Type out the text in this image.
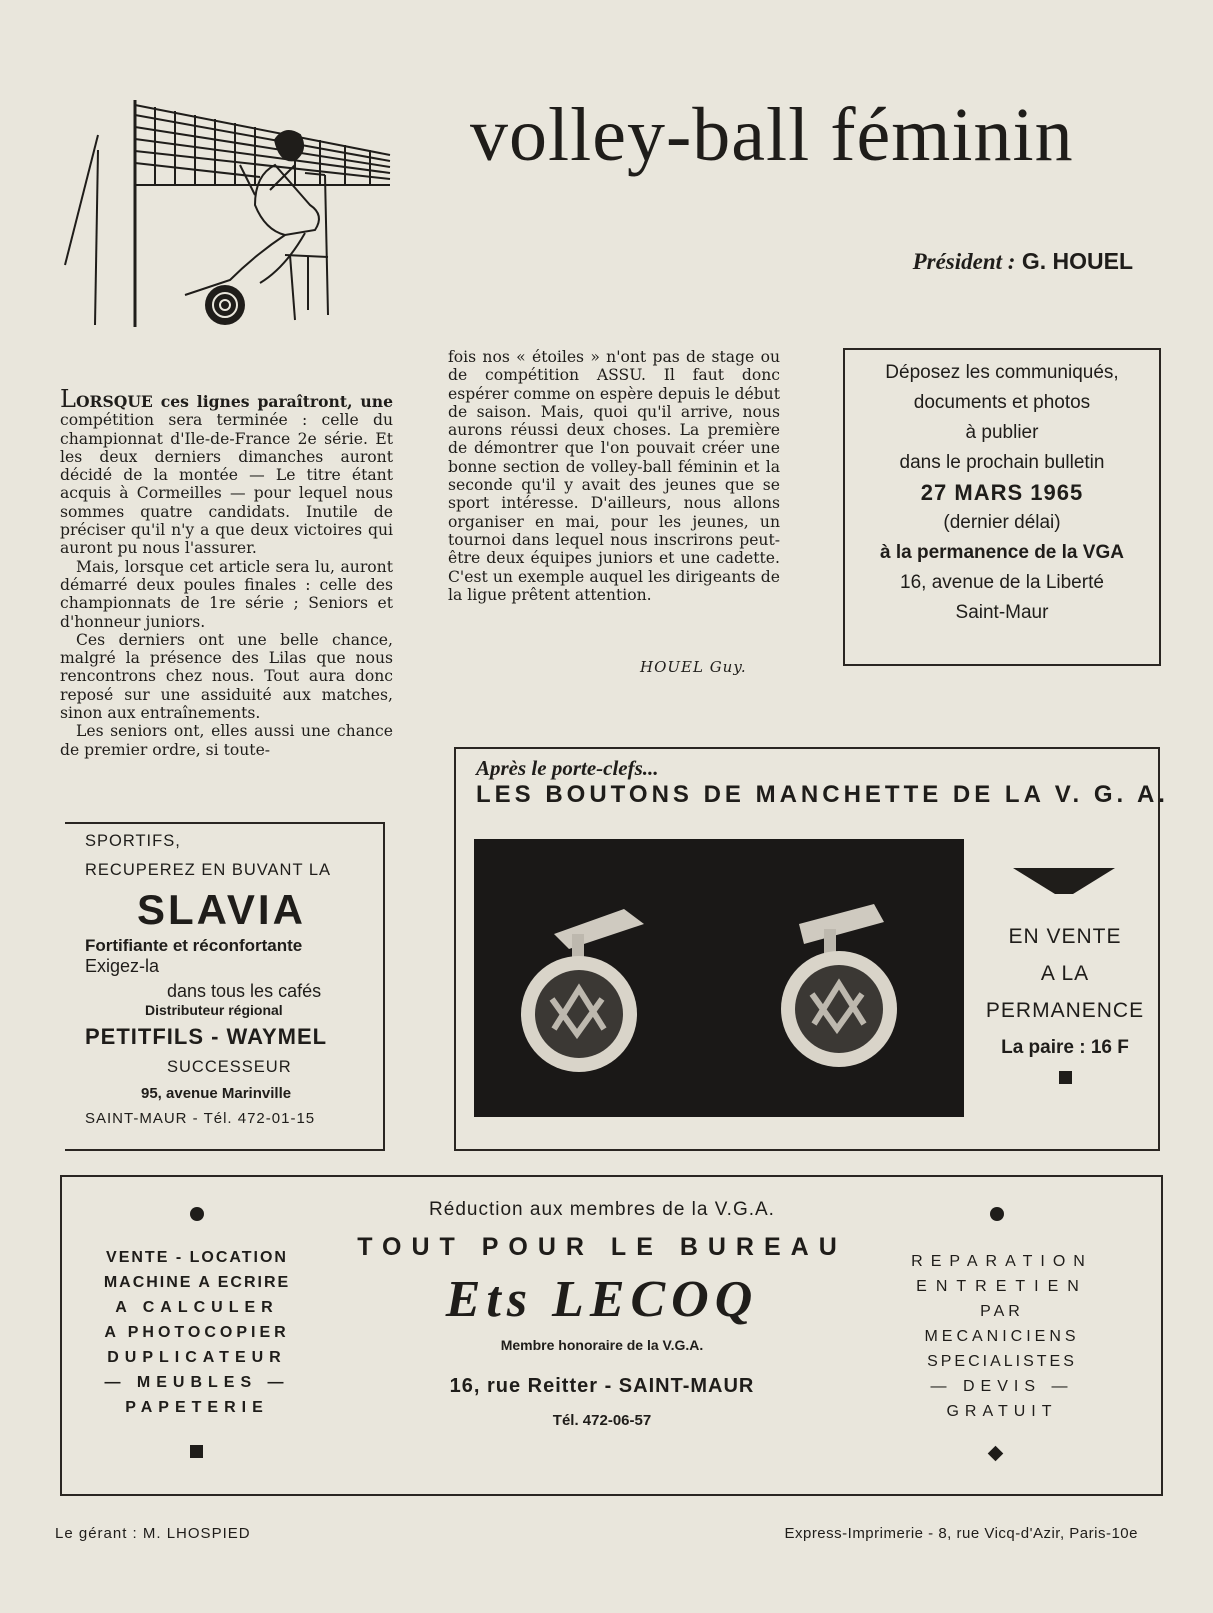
volley-ball féminin
Président : G. HOUEL

LORSQUE ces lignes paraîtront, une compétition sera terminée : celle du championnat d'Ile-de-France 2e série. Et les deux derniers dimanches auront décidé de la montée — Le titre étant acquis à Cormeilles — pour lequel nous sommes quatre candidats. Inutile de préciser qu'il n'y a que deux victoires qui auront pu nous l'assurer.

Mais, lorsque cet article sera lu, auront démarré deux poules finales : celle des championnats de 1re série ; Seniors et d'honneur juniors.

Ces derniers ont une belle chance, malgré la présence des Lilas que nous rencontrons chez nous. Tout aura donc reposé sur une assiduité aux matches, sinon aux entraînements.

Les seniors ont, elles aussi une chance de premier ordre, si toute-

fois nos « étoiles » n'ont pas de stage ou de compétition ASSU. Il faut donc espérer comme on espère depuis le début de saison. Mais, quoi qu'il arrive, nous aurons réussi deux choses. La première de démontrer que l'on pouvait créer une bonne section de volley-ball féminin et la seconde qu'il y avait des jeunes que se sport intéresse. D'ailleurs, nous allons organiser en mai, pour les jeunes, un tournoi dans lequel nous inscrirons peut-être deux équipes juniors et une cadette. C'est un exemple auquel les dirigeants de la ligue prêtent attention.

HOUEL Guy.
Déposez les communiqués,
documents et photos
à publier
dans le prochain bulletin
27 MARS 1965
(dernier délai)
à la permanence de la VGA
16, avenue de la Liberté
Saint-Maur
SPORTIFS,
RECUPEREZ EN BUVANT LA
SLAVIA
Fortifiante et réconfortante
Exigez-la
dans tous les cafés
Distributeur régional
PETITFILS - WAYMEL
SUCCESSEUR
95, avenue Marinville
SAINT-MAUR - Tél. 472-01-15
Après le porte-clefs...
LES BOUTONS DE MANCHETTE DE LA V. G. A.
EN VENTE
A LA
PERMANENCE
La paire : 16 F
VENTE - LOCATION
MACHINE A ECRIRE
A CALCULER
A PHOTOCOPIER
DUPLICATEUR
— MEUBLES —
PAPETERIE
Réduction aux membres de la V.G.A.
TOUT POUR LE BUREAU
Ets LECOQ
Membre honoraire de la V.G.A.
16, rue Reitter - SAINT-MAUR
Tél. 472-06-57
REPARATION
ENTRETIEN
PAR
MECANICIENS
SPECIALISTES
— DEVIS —
GRATUIT
Le gérant : M. LHOSPIED	Express-Imprimerie - 8, rue Vicq-d'Azir, Paris-10e
